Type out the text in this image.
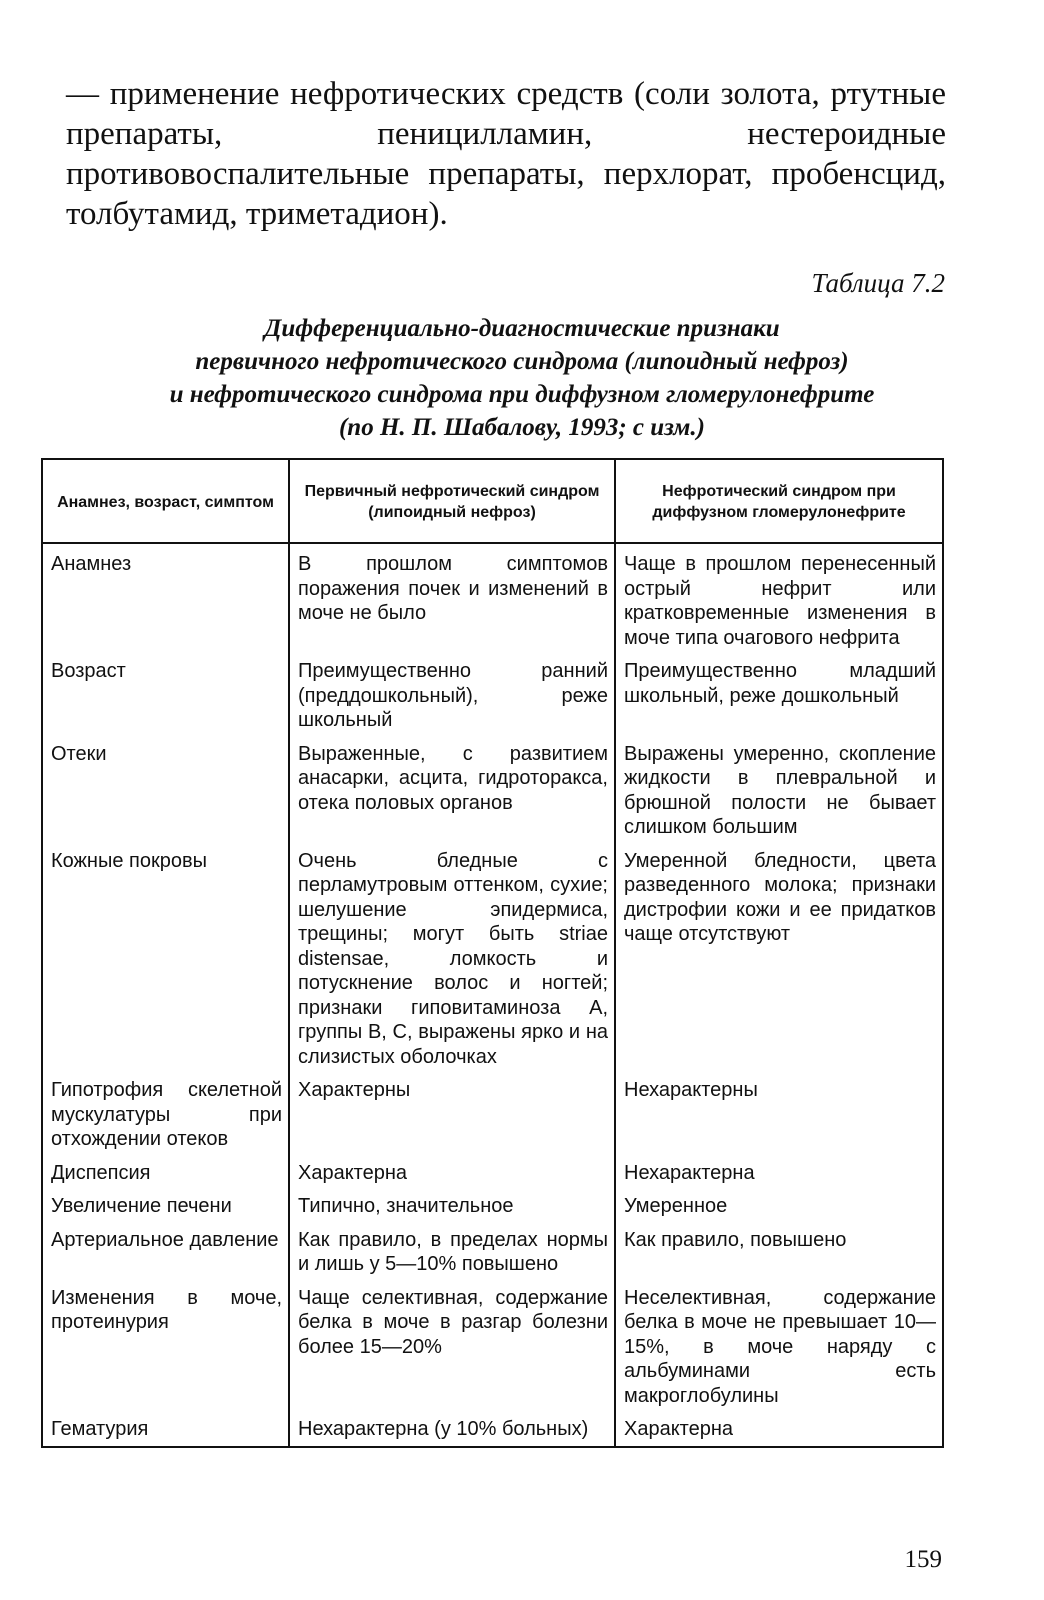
— применение нефротических средств (соли золота, ртутные препараты, пеницилламин, нестероидные противовоспалительные препараты, перхлорат, пробенсцид, толбутамид, триметадион).

Таблица 7.2

Дифференциально-диагностические признаки
первичного нефротического синдрома (липоидный нефроз)
и нефротического синдрома при диффузном гломерулонефрите
(по Н. П. Шабалову, 1993; с изм.)
Анамнез, возраст, симптом	Первичный нефротический синдром (липоидный нефроз)	Нефротический синдром при диффузном гломерулонефрите
Анамнез	В прошлом симптомов поражения почек и изменений в моче не было	Чаще в прошлом перенесенный острый нефрит или кратковременные изменения в моче типа очагового нефрита
Возраст	Преимущественно ранний (преддошкольный), реже школьный	Преимущественно младший школьный, реже дошкольный
Отеки	Выраженные, с развитием анасарки, асцита, гидроторакса, отека половых органов	Выражены умеренно, скопление жидкости в плевральной и брюшной полости не бывает слишком большим
Кожные покровы	Очень бледные с перламутровым оттенком, сухие; шелушение эпидермиса, трещины; могут быть striae distensae, ломкость и потускнение волос и ногтей; признаки гиповитаминоза А, группы В, С, выражены ярко и на слизистых оболочках	Умеренной бледности, цвета разведенного молока; признаки дистрофии кожи и ее придатков чаще отсутствуют
Гипотрофия скелетной мускулатуры при отхождении отеков	Характерны	Нехарактерны
Диспепсия	Характерна	Нехарактерна
Увеличение печени	Типично, значительное	Умеренное
Артериальное давление	Как правило, в пределах нормы и лишь у 5—10% повышено	Как правило, повышено
Изменения в моче, протеинурия	Чаще селективная, содержание белка в моче в разгар болезни более 15—20%	Неселективная, содержание белка в моче не превышает 10—15%, в моче наряду с альбуминами есть макроглобулины
Гематурия	Нехарактерна (у 10% больных)	Характерна

159
